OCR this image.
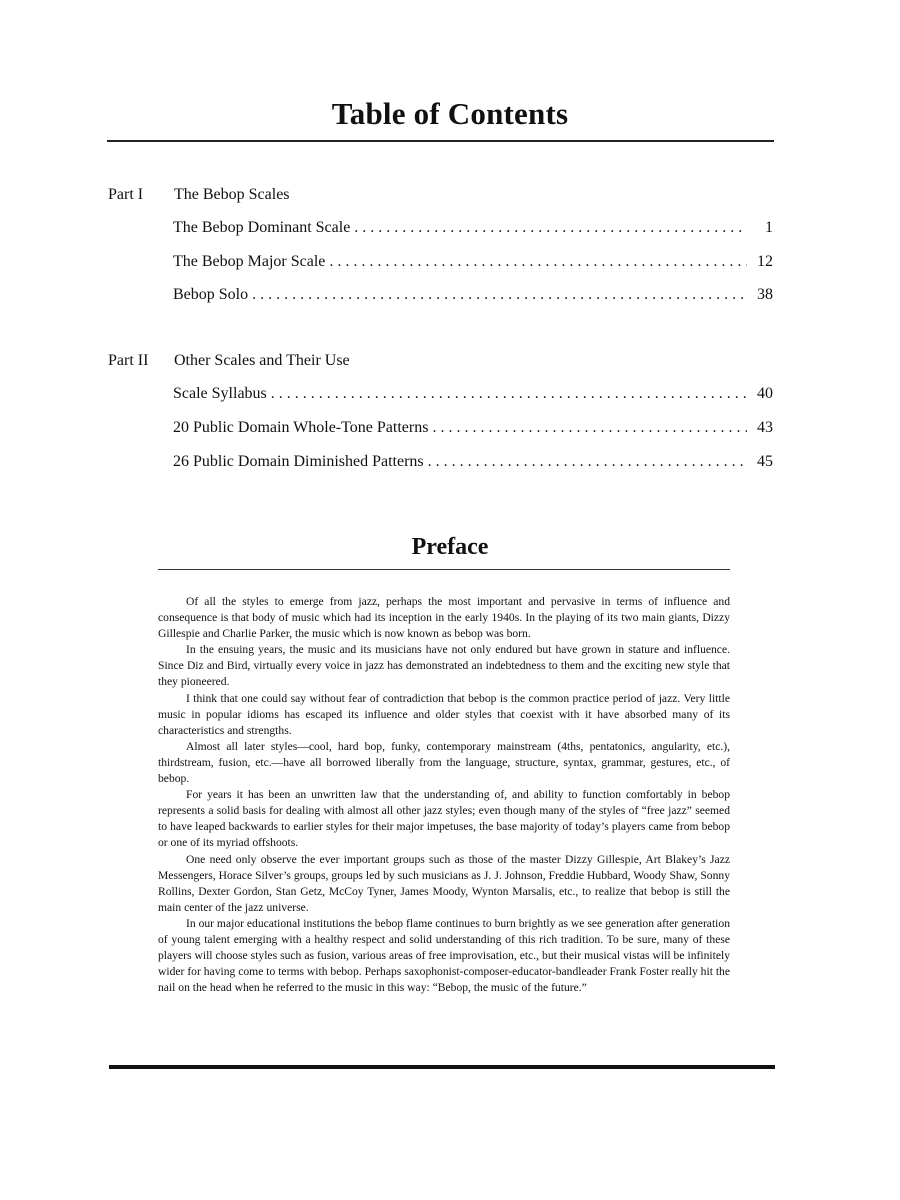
Table of Contents
Part I The Bebop Scales
The Bebop Dominant Scale . . .	1
The Bebop Major Scale . . .	12
Bebop Solo . . .	38
Part II Other Scales and Their Use
Scale Syllabus . . .	40
20 Public Domain Whole-Tone Patterns . . .	43
26 Public Domain Diminished Patterns . . .	45
Preface

Of all the styles to emerge from jazz, perhaps the most important and pervasive in terms of influence and consequence is that body of music which had its inception in the early 1940s. In the playing of its two main giants, Dizzy Gillespie and Charlie Parker, the music which is now known as bebop was born.

In the ensuing years, the music and its musicians have not only endured but have grown in stature and influence. Since Diz and Bird, virtually every voice in jazz has demonstrated an indebtedness to them and the exciting new style that they pioneered.

I think that one could say without fear of contradiction that bebop is the common practice period of jazz. Very little music in popular idioms has escaped its influence and older styles that coexist with it have absorbed many of its characteristics and strengths.

Almost all later styles—cool, hard bop, funky, contemporary mainstream (4ths, pentatonics, angularity, etc.), thirdstream, fusion, etc.—have all borrowed liberally from the language, structure, syntax, grammar, gestures, etc., of bebop.

For years it has been an unwritten law that the understanding of, and ability to function comfortably in bebop represents a solid basis for dealing with almost all other jazz styles; even though many of the styles of “free jazz” seemed to have leaped backwards to earlier styles for their major impetuses, the base majority of today’s players came from bebop or one of its myriad offshoots.

One need only observe the ever important groups such as those of the master Dizzy Gillespie, Art Blakey’s Jazz Messengers, Horace Silver’s groups, groups led by such musicians as J. J. Johnson, Freddie Hubbard, Woody Shaw, Sonny Rollins, Dexter Gordon, Stan Getz, McCoy Tyner, James Moody, Wynton Marsalis, etc., to realize that bebop is still the main center of the jazz universe.

In our major educational institutions the bebop flame continues to burn brightly as we see generation after generation of young talent emerging with a healthy respect and solid understanding of this rich tradition. To be sure, many of these players will choose styles such as fusion, various areas of free improvisation, etc., but their musical vistas will be infinitely wider for having come to terms with bebop. Perhaps saxophonist-composer-educator-bandleader Frank Foster really hit the nail on the head when he referred to the music in this way: “Bebop, the music of the future.”
